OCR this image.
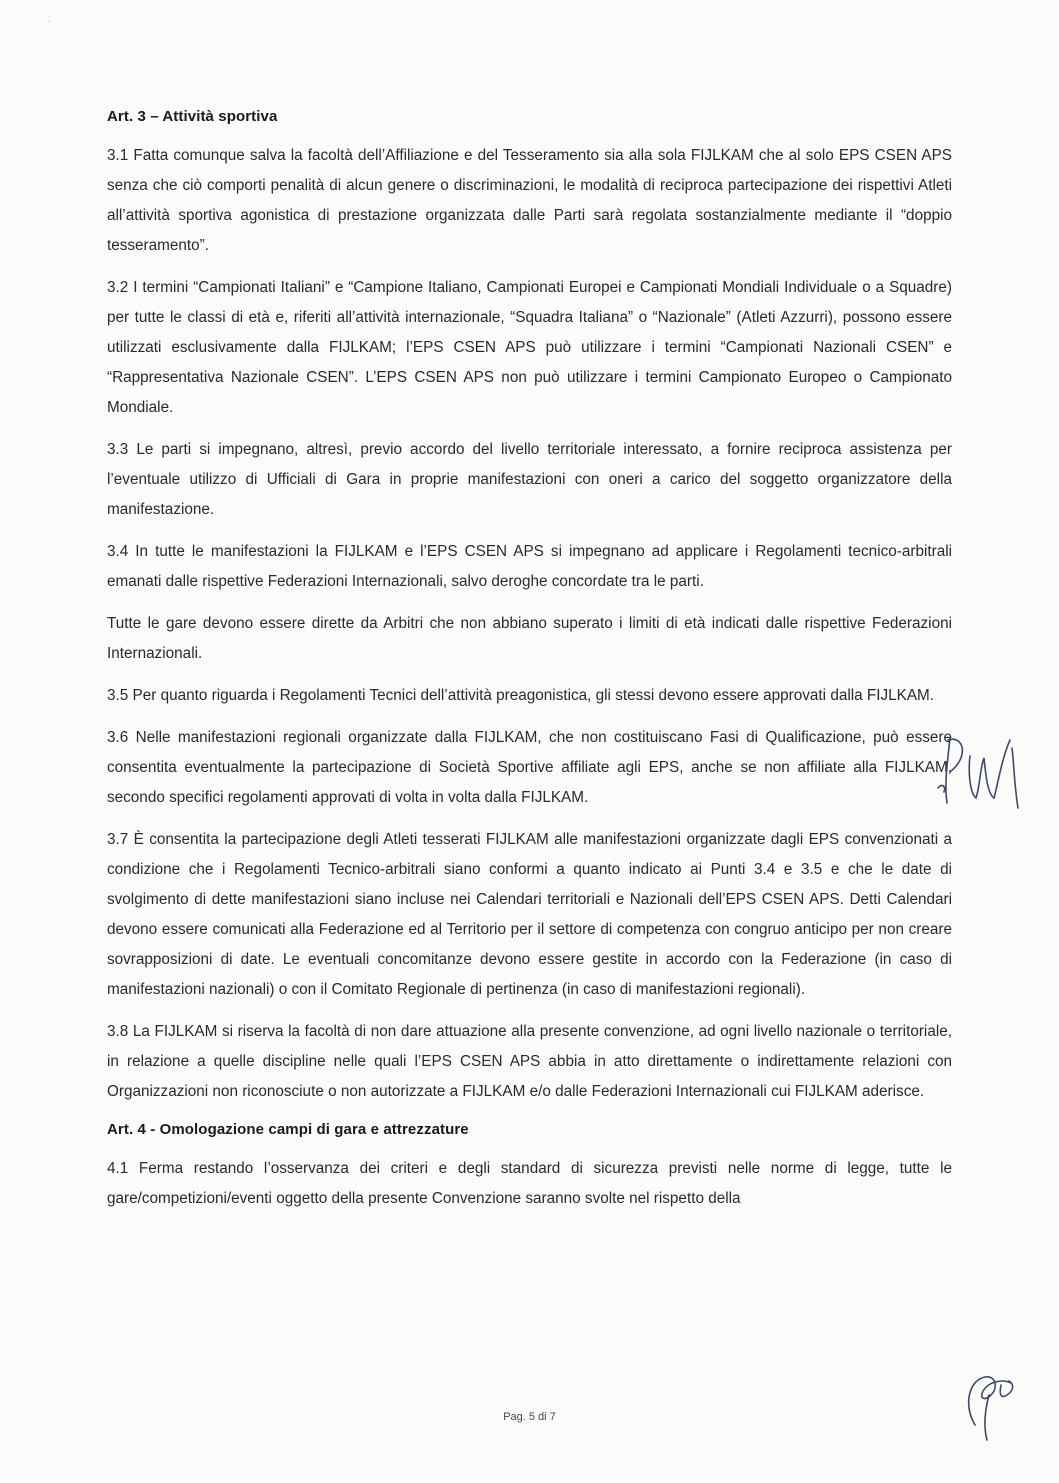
:
Art. 3 – Attività sportiva

3.1 Fatta comunque salva la facoltà dell’Affiliazione e del Tesseramento sia alla sola FIJLKAM che al solo EPS CSEN APS senza che ciò comporti penalità di alcun genere o discriminazioni, le modalità di reciproca partecipazione dei rispettivi Atleti all’attività sportiva agonistica di prestazione organizzata dalle Parti sarà regolata sostanzialmente mediante il “doppio tesseramento”.

3.2 I termini “Campionati Italiani” e “Campione Italiano, Campionati Europei e Campionati Mondiali Individuale o a Squadre) per tutte le classi di età e, riferiti all’attività internazionale, “Squadra Italiana” o “Nazionale” (Atleti Azzurri), possono essere utilizzati esclusivamente dalla FIJLKAM; l’EPS CSEN APS può utilizzare i termini “Campionati Nazionali CSEN” e “Rappresentativa Nazionale CSEN”. L’EPS CSEN APS non può utilizzare i termini Campionato Europeo o Campionato Mondiale.

3.3 Le parti si impegnano, altresì, previo accordo del livello territoriale interessato, a fornire reciproca assistenza per l’eventuale utilizzo di Ufficiali di Gara in proprie manifestazioni con oneri a carico del soggetto organizzatore della manifestazione.

3.4 In tutte le manifestazioni la FIJLKAM e l’EPS CSEN APS si impegnano ad applicare i Regolamenti tecnico-arbitrali emanati dalle rispettive Federazioni Internazionali, salvo deroghe concordate tra le parti.

Tutte le gare devono essere dirette da Arbitri che non abbiano superato i limiti di età indicati dalle rispettive Federazioni Internazionali.

3.5 Per quanto riguarda i Regolamenti Tecnici dell’attività preagonistica, gli stessi devono essere approvati dalla FIJLKAM.

3.6 Nelle manifestazioni regionali organizzate dalla FIJLKAM, che non costituiscano Fasi di Qualificazione, può essere consentita eventualmente la partecipazione di Società Sportive affiliate agli EPS, anche se non affiliate alla FIJLKAM, secondo specifici regolamenti approvati di volta in volta dalla FIJLKAM.

3.7 È consentita la partecipazione degli Atleti tesserati FIJLKAM alle manifestazioni organizzate dagli EPS convenzionati a condizione che i Regolamenti Tecnico-arbitrali siano conformi a quanto indicato ai Punti 3.4 e 3.5 e che le date di svolgimento di dette manifestazioni siano incluse nei Calendari territoriali e Nazionali dell’EPS CSEN APS. Detti Calendari devono essere comunicati alla Federazione ed al Territorio per il settore di competenza con congruo anticipo per non creare sovrapposizioni di date. Le eventuali concomitanze devono essere gestite in accordo con la Federazione (in caso di manifestazioni nazionali) o con il Comitato Regionale di pertinenza (in caso di manifestazioni regionali).

3.8 La FIJLKAM si riserva la facoltà di non dare attuazione alla presente convenzione, ad ogni livello nazionale o territoriale, in relazione a quelle discipline nelle quali l’EPS CSEN APS abbia in atto direttamente o indirettamente relazioni con Organizzazioni non riconosciute o non autorizzate a FIJLKAM e/o dalle Federazioni Internazionali cui FIJLKAM aderisce.

Art. 4 - Omologazione campi di gara e attrezzature

4.1 Ferma restando l’osservanza dei criteri e degli standard di sicurezza previsti nelle norme di legge, tutte le gare/competizioni/eventi oggetto della presente Convenzione saranno svolte nel rispetto della

Pag. 5 di 7
